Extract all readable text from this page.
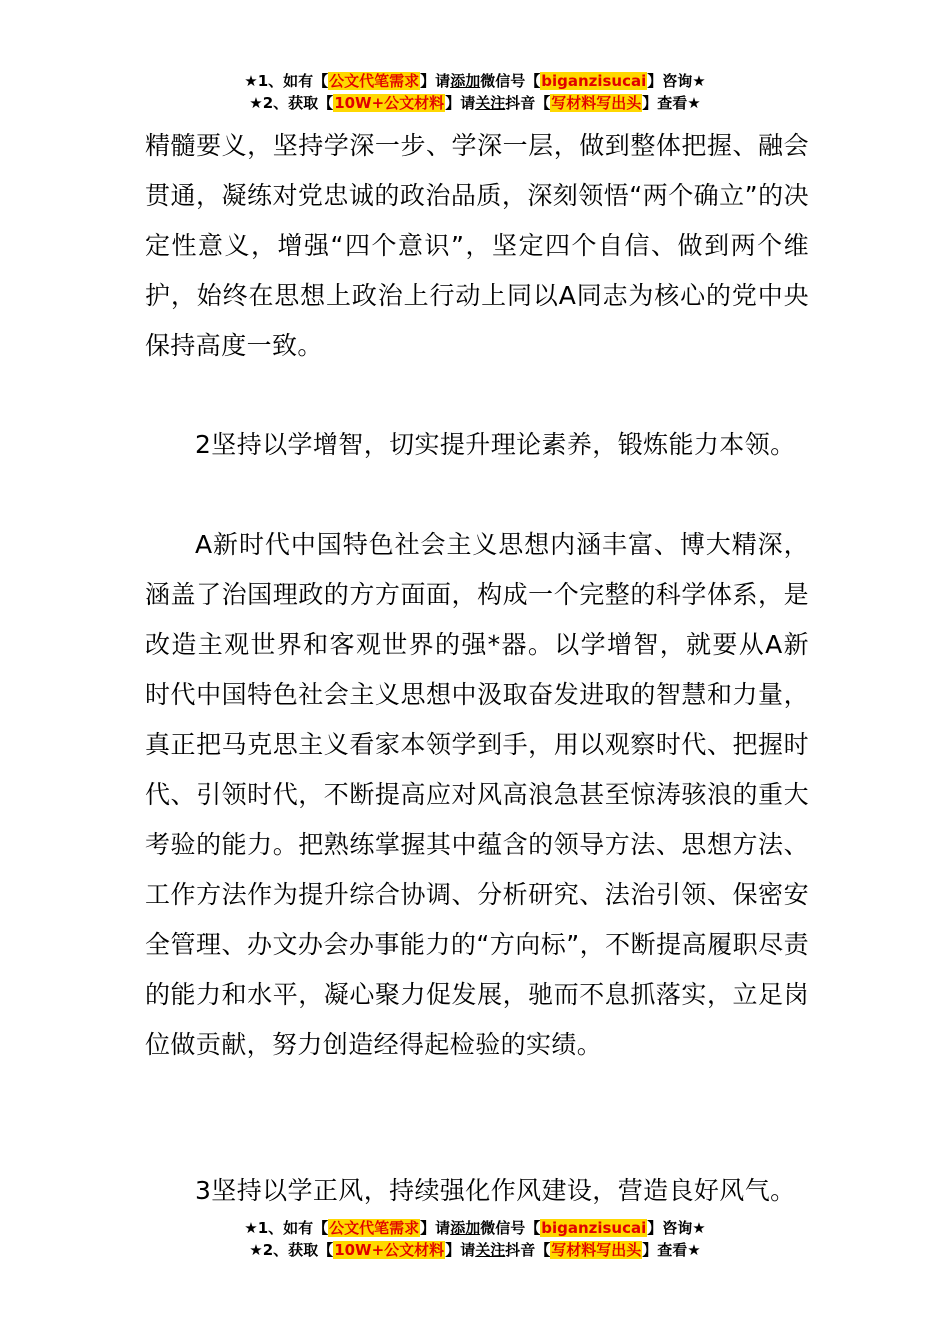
★1、如有【公文代笔需求】请添加微信号【biganzisucai】咨询★
★2、获取【10W+公文材料】请关注抖音【写材料写出头】查看★

精髓要义，坚持学深一步、学深一层，做到整体把握、融会贯通，凝练对党忠诚的政治品质，深刻领悟“两个确立”的决定性意义，增强“四个意识”，坚定四个自信、做到两个维护，始终在思想上政治上行动上同以A同志为核心的党中央保持高度一致。

2坚持以学增智，切实提升理论素养，锻炼能力本领。

A新时代中国特色社会主义思想内涵丰富、博大精深，涵盖了治国理政的方方面面，构成一个完整的科学体系，是改造主观世界和客观世界的强*器。以学增智，就要从A新时代中国特色社会主义思想中汲取奋发进取的智慧和力量，真正把马克思主义看家本领学到手，用以观察时代、把握时代、引领时代，不断提高应对风高浪急甚至惊涛骇浪的重大考验的能力。把熟练掌握其中蕴含的领导方法、思想方法、工作方法作为提升综合协调、分析研究、法治引领、保密安全管理、办文办会办事能力的“方向标”，不断提高履职尽责的能力和水平，凝心聚力促发展，驰而不息抓落实，立足岗位做贡献，努力创造经得起检验的实绩。

3坚持以学正风，持续强化作风建设，营造良好风气。

★1、如有【公文代笔需求】请添加微信号【biganzisucai】咨询★
★2、获取【10W+公文材料】请关注抖音【写材料写出头】查看★
